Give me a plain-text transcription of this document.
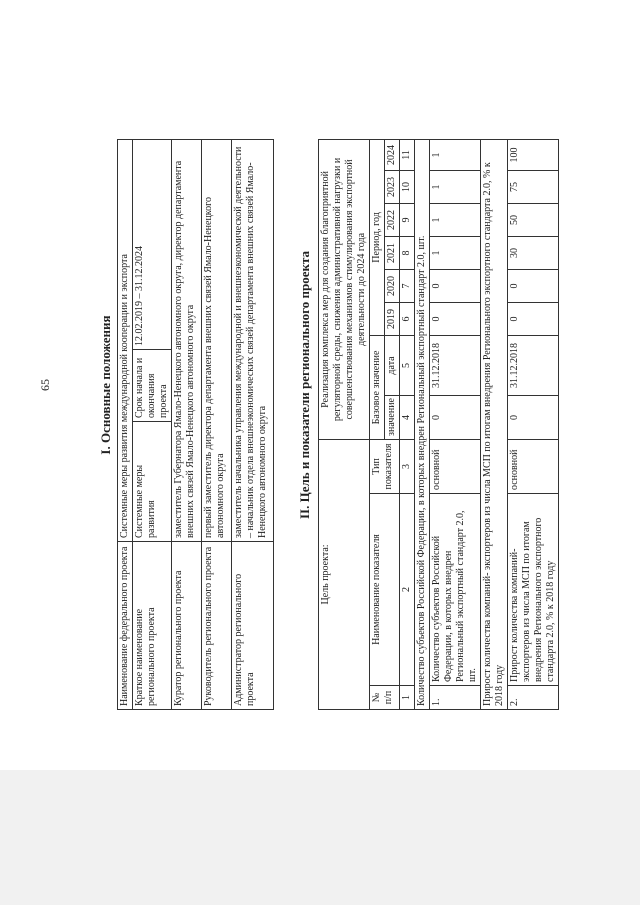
65	I. Основные положения
Наименование федерального проекта	Системные меры развития международной кооперации и экспорта		
Краткое наименование регионального проекта	Системные меры развития	Срок начала и окончания проекта	12.02.2019 – 31.12.2024
Куратор регионального проекта	заместитель Губернатора Ямало-Ненецкого автономного округа, директор департамента внешних связей Ямало-Ненецкого автономного округа		
Руководитель регионального проекта	первый заместитель директора департамента внешних связей Ямало-Ненецкого автономного округа		
Администратор регионального проекта	заместитель начальника управления международной и внешнеэкономической деятельности – начальник отдела внешнеэкономических связей департамента внешних связей Ямало-Ненецкого автономного округа		II. Цель и показатели регионального проекта
Цель проекта:			Реализация комплекса мер для создания благоприятной регуляторной среды, снижения административной нагрузки и совершенствования механизмов стимулирования экспортной деятельности до 2024 года							
№ п/п	Наименование показателя	Тип показателя	Базовое значение		Период, год					
			значение	дата	2019	2020	2021	2022	2023	2024
1	2	3	4	5	6	7	8	9	10	11
Количество субъектов Российской Федерации, в которых внедрен Региональный экспортный стандарт 2.0, шт.										
1.	Количество субъектов Российской Федерации, в которых внедрен Региональный экспортный стандарт 2.0, шт.	основной	0	31.12.2018	0	0	1	1	1	1
Прирост количества компаний- экспортеров из числа МСП по итогам внедрения Регионального экспортного стандарта 2.0, % к 2018 году										
2.	Прирост количества компаний-экспортеров из числа МСП по итогам внедрения Регионального экспортного стандарта 2.0, % к 2018 году	основной	0	31.12.2018	0	0	30	50	75	100
